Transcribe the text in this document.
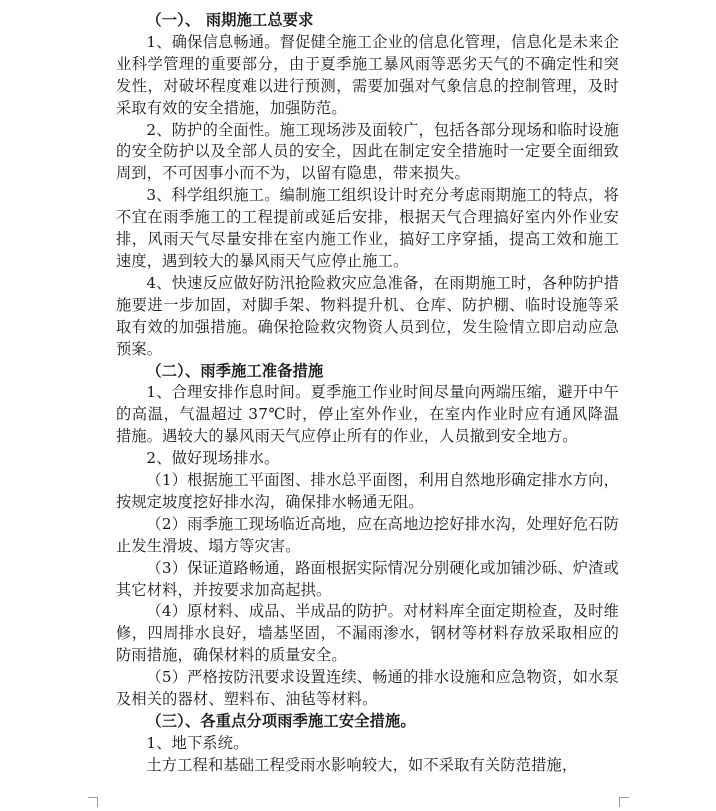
（一）、 雨期施工总要求

1、确保信息畅通。督促健全施工企业的信息化管理，信息化是未来企业科学管理的重要部分，由于夏季施工暴风雨等恶劣天气的不确定性和突发性，对破坏程度难以进行预测，需要加强对气象信息的控制管理，及时采取有效的安全措施，加强防范。

2、防护的全面性。施工现场涉及面较广，包括各部分现场和临时设施的安全防护以及全部人员的安全，因此在制定安全措施时一定要全面细致周到，不可因事小而不为，以留有隐患，带来损失。

3、科学组织施工。编制施工组织设计时充分考虑雨期施工的特点，将不宜在雨季施工的工程提前或延后安排，根据天气合理搞好室内外作业安排，风雨天气尽量安排在室内施工作业，搞好工序穿插，提高工效和施工速度，遇到较大的暴风雨天气应停止施工。

4、快速反应做好防汛抢险救灾应急准备，在雨期施工时，各种防护措施要进一步加固，对脚手架、物料提升机、仓库、防护棚、临时设施等采取有效的加强措施。确保抢险救灾物资人员到位，发生险情立即启动应急预案。

（二）、雨季施工准备措施

1、合理安排作息时间。夏季施工作业时间尽量向两端压缩，避开中午的高温，气温超过 37℃时，停止室外作业，在室内作业时应有通风降温措施。遇较大的暴风雨天气应停止所有的作业，人员撤到安全地方。

2、做好现场排水。

（1）根据施工平面图、排水总平面图，利用自然地形确定排水方向，按规定坡度挖好排水沟，确保排水畅通无阻。

（2）雨季施工现场临近高地，应在高地边挖好排水沟，处理好危石防止发生滑坡、塌方等灾害。

（3）保证道路畅通，路面根据实际情况分别硬化或加铺沙砾、炉渣或其它材料，并按要求加高起拱。

（4）原材料、成品、半成品的防护。对材料库全面定期检查，及时维修，四周排水良好，墙基坚固，不漏雨渗水，钢材等材料存放采取相应的防雨措施，确保材料的质量安全。

（5）严格按防汛要求设置连续、畅通的排水设施和应急物资，如水泵及相关的器材、塑料布、油毡等材料。

（三）、各重点分项雨季施工安全措施。

1、地下系统。

土方工程和基础工程受雨水影响较大，如不采取有关防范措施，
